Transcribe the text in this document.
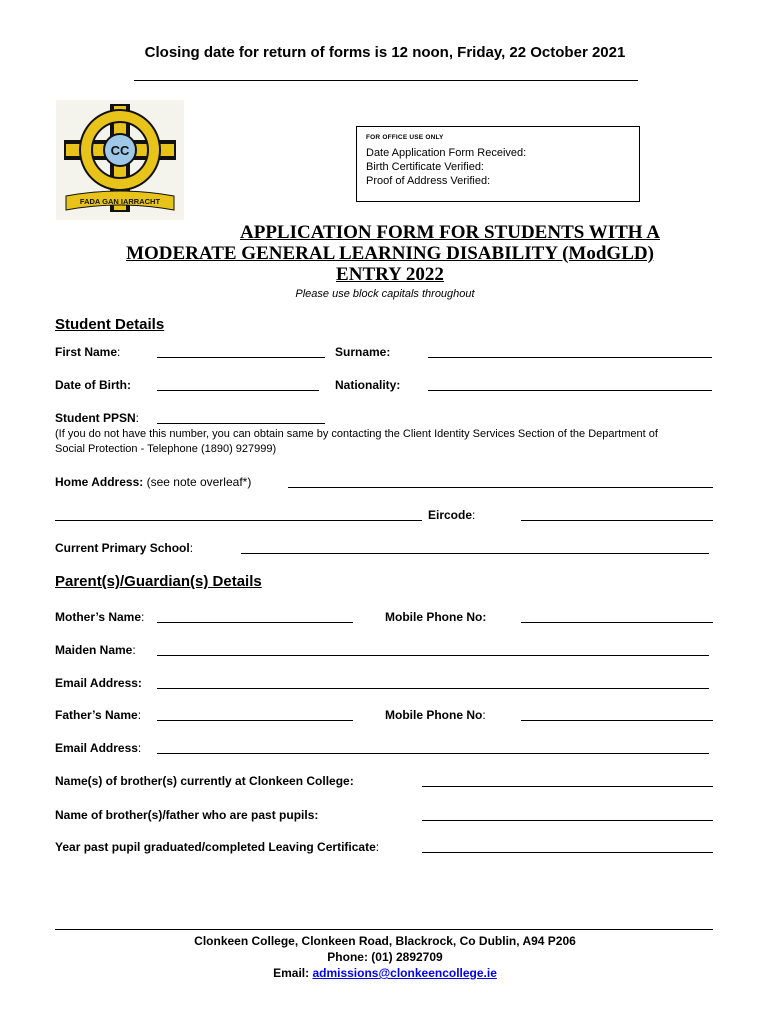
Closing date for return of forms is 12 noon, Friday, 22 October 2021
CC
FADA GAN IARRACHT
FOR OFFICE USE ONLY
Date Application Form Received:
Birth Certificate Verified:
Proof of Address Verified:
APPLICATION FORM FOR STUDENTS WITH A
MODERATE GENERAL LEARNING DISABILITY (ModGLD)
ENTRY 2022
Please use block capitals throughout
Student Details
First Name:	Surname:
Date of Birth:	Nationality:
Student PPSN:
(If you do not have this number, you can obtain same by contacting the Client Identity Services Section of the Department of
Social Protection - Telephone (1890) 927999)
Home Address: (see note overleaf*)
Eircode:
Current Primary School:
Parent(s)/Guardian(s) Details
Mother’s Name:	Mobile Phone No:
Maiden Name:
Email Address:
Father’s Name:	Mobile Phone No:
Email Address:
Name(s) of brother(s) currently at Clonkeen College:
Name of brother(s)/father who are past pupils:
Year past pupil graduated/completed Leaving Certificate:
Clonkeen College, Clonkeen Road, Blackrock, Co Dublin, A94 P206
Phone: (01) 2892709
Email: admissions@clonkeencollege.ie
